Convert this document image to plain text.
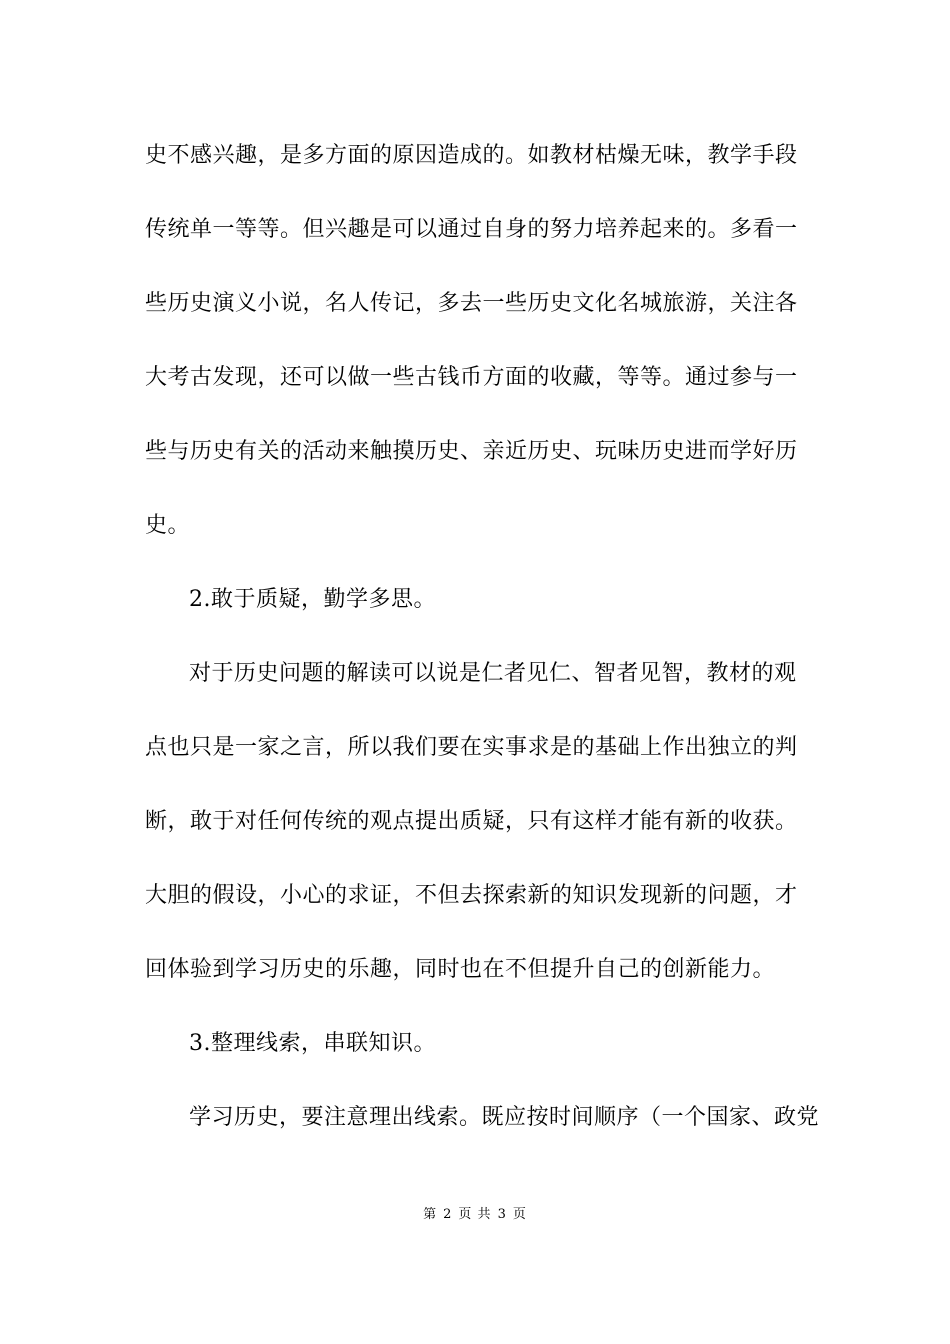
史不感兴趣，是多方面的原因造成的。如教材枯燥无味，教学手段
传统单一等等。但兴趣是可以通过自身的努力培养起来的。多看一
些历史演义小说，名人传记，多去一些历史文化名城旅游，关注各
大考古发现，还可以做一些古钱币方面的收藏，等等。通过参与一
些与历史有关的活动来触摸历史、亲近历史、玩味历史进而学好历
史。
2.敢于质疑，勤学多思。
对于历史问题的解读可以说是仁者见仁、智者见智，教材的观
点也只是一家之言，所以我们要在实事求是的基础上作出独立的判
断，敢于对任何传统的观点提出质疑，只有这样才能有新的收获。
大胆的假设，小心的求证，不但去探索新的知识发现新的问题，才
回体验到学习历史的乐趣，同时也在不但提升自己的创新能力。
3.整理线索，串联知识。
学习历史，要注意理出线索。既应按时间顺序（一个国家、政党
第 2 页 共 3 页
